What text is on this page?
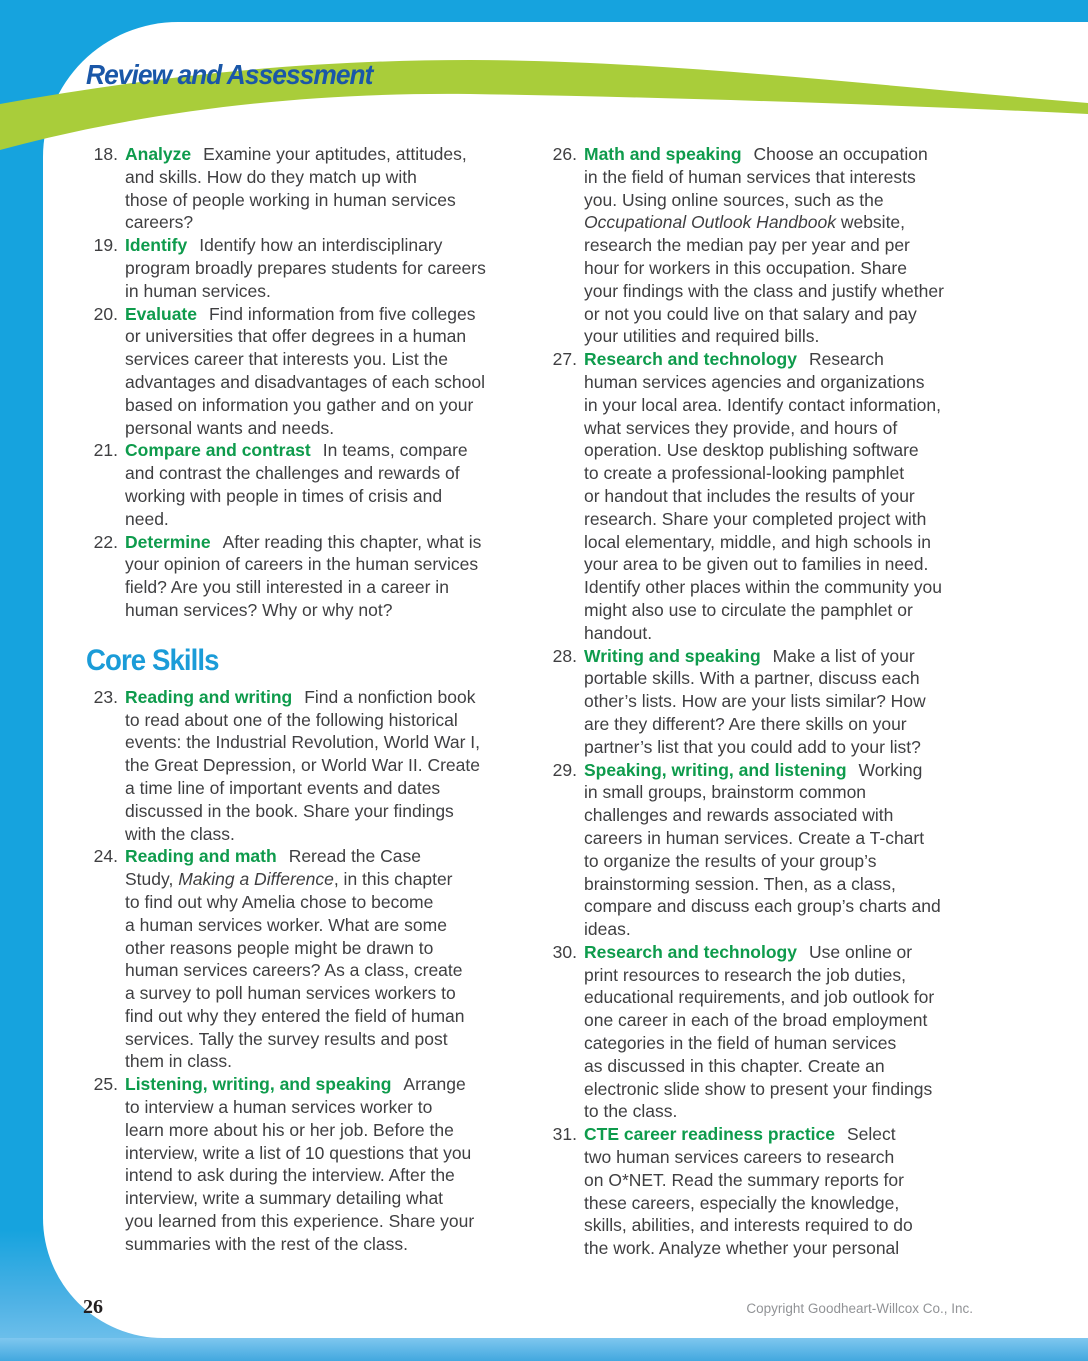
Review and Assessment
18. Analyze Examine your aptitudes, attitudes,
and skills. How do they match up with
those of people working in human services
careers?
19. Identify Identify how an interdisciplinary
program broadly prepares students for careers
in human services.
20. Evaluate Find information from five colleges
or universities that offer degrees in a human
services career that interests you. List the
advantages and disadvantages of each school
based on information you gather and on your
personal wants and needs.
21. Compare and contrast In teams, compare
and contrast the challenges and rewards of
working with people in times of crisis and
need.
22. Determine After reading this chapter, what is
your opinion of careers in the human services
field? Are you still interested in a career in
human services? Why or why not?
Core Skills
23. Reading and writing Find a nonfiction book
to read about one of the following historical
events: the Industrial Revolution, World War I,
the Great Depression, or World War II. Create
a time line of important events and dates
discussed in the book. Share your findings
with the class.
24. Reading and math Reread the Case
Study, Making a Difference, in this chapter
to find out why Amelia chose to become
a human services worker. What are some
other reasons people might be drawn to
human services careers? As a class, create
a survey to poll human services workers to
find out why they entered the field of human
services. Tally the survey results and post
them in class.
25. Listening, writing, and speaking Arrange
to interview a human services worker to
learn more about his or her job. Before the
interview, write a list of 10 questions that you
intend to ask during the interview. After the
interview, write a summary detailing what
you learned from this experience. Share your
summaries with the rest of the class.
26. Math and speaking Choose an occupation
in the field of human services that interests
you. Using online sources, such as the
Occupational Outlook Handbook website,
research the median pay per year and per
hour for workers in this occupation. Share
your findings with the class and justify whether
or not you could live on that salary and pay
your utilities and required bills.
27. Research and technology Research
human services agencies and organizations
in your local area. Identify contact information,
what services they provide, and hours of
operation. Use desktop publishing software
to create a professional-looking pamphlet
or handout that includes the results of your
research. Share your completed project with
local elementary, middle, and high schools in
your area to be given out to families in need.
Identify other places within the community you
might also use to circulate the pamphlet or
handout.
28. Writing and speaking Make a list of your
portable skills. With a partner, discuss each
other’s lists. How are your lists similar? How
are they different? Are there skills on your
partner’s list that you could add to your list?
29. Speaking, writing, and listening Working
in small groups, brainstorm common
challenges and rewards associated with
careers in human services. Create a T-chart
to organize the results of your group’s
brainstorming session. Then, as a class,
compare and discuss each group’s charts and
ideas.
30. Research and technology Use online or
print resources to research the job duties,
educational requirements, and job outlook for
one career in each of the broad employment
categories in the field of human services
as discussed in this chapter. Create an
electronic slide show to present your findings
to the class.
31. CTE career readiness practice Select
two human services careers to research
on O*NET. Read the summary reports for
these careers, especially the knowledge,
skills, abilities, and interests required to do
the work. Analyze whether your personal
26	Copyright Goodheart-Willcox Co., Inc.
